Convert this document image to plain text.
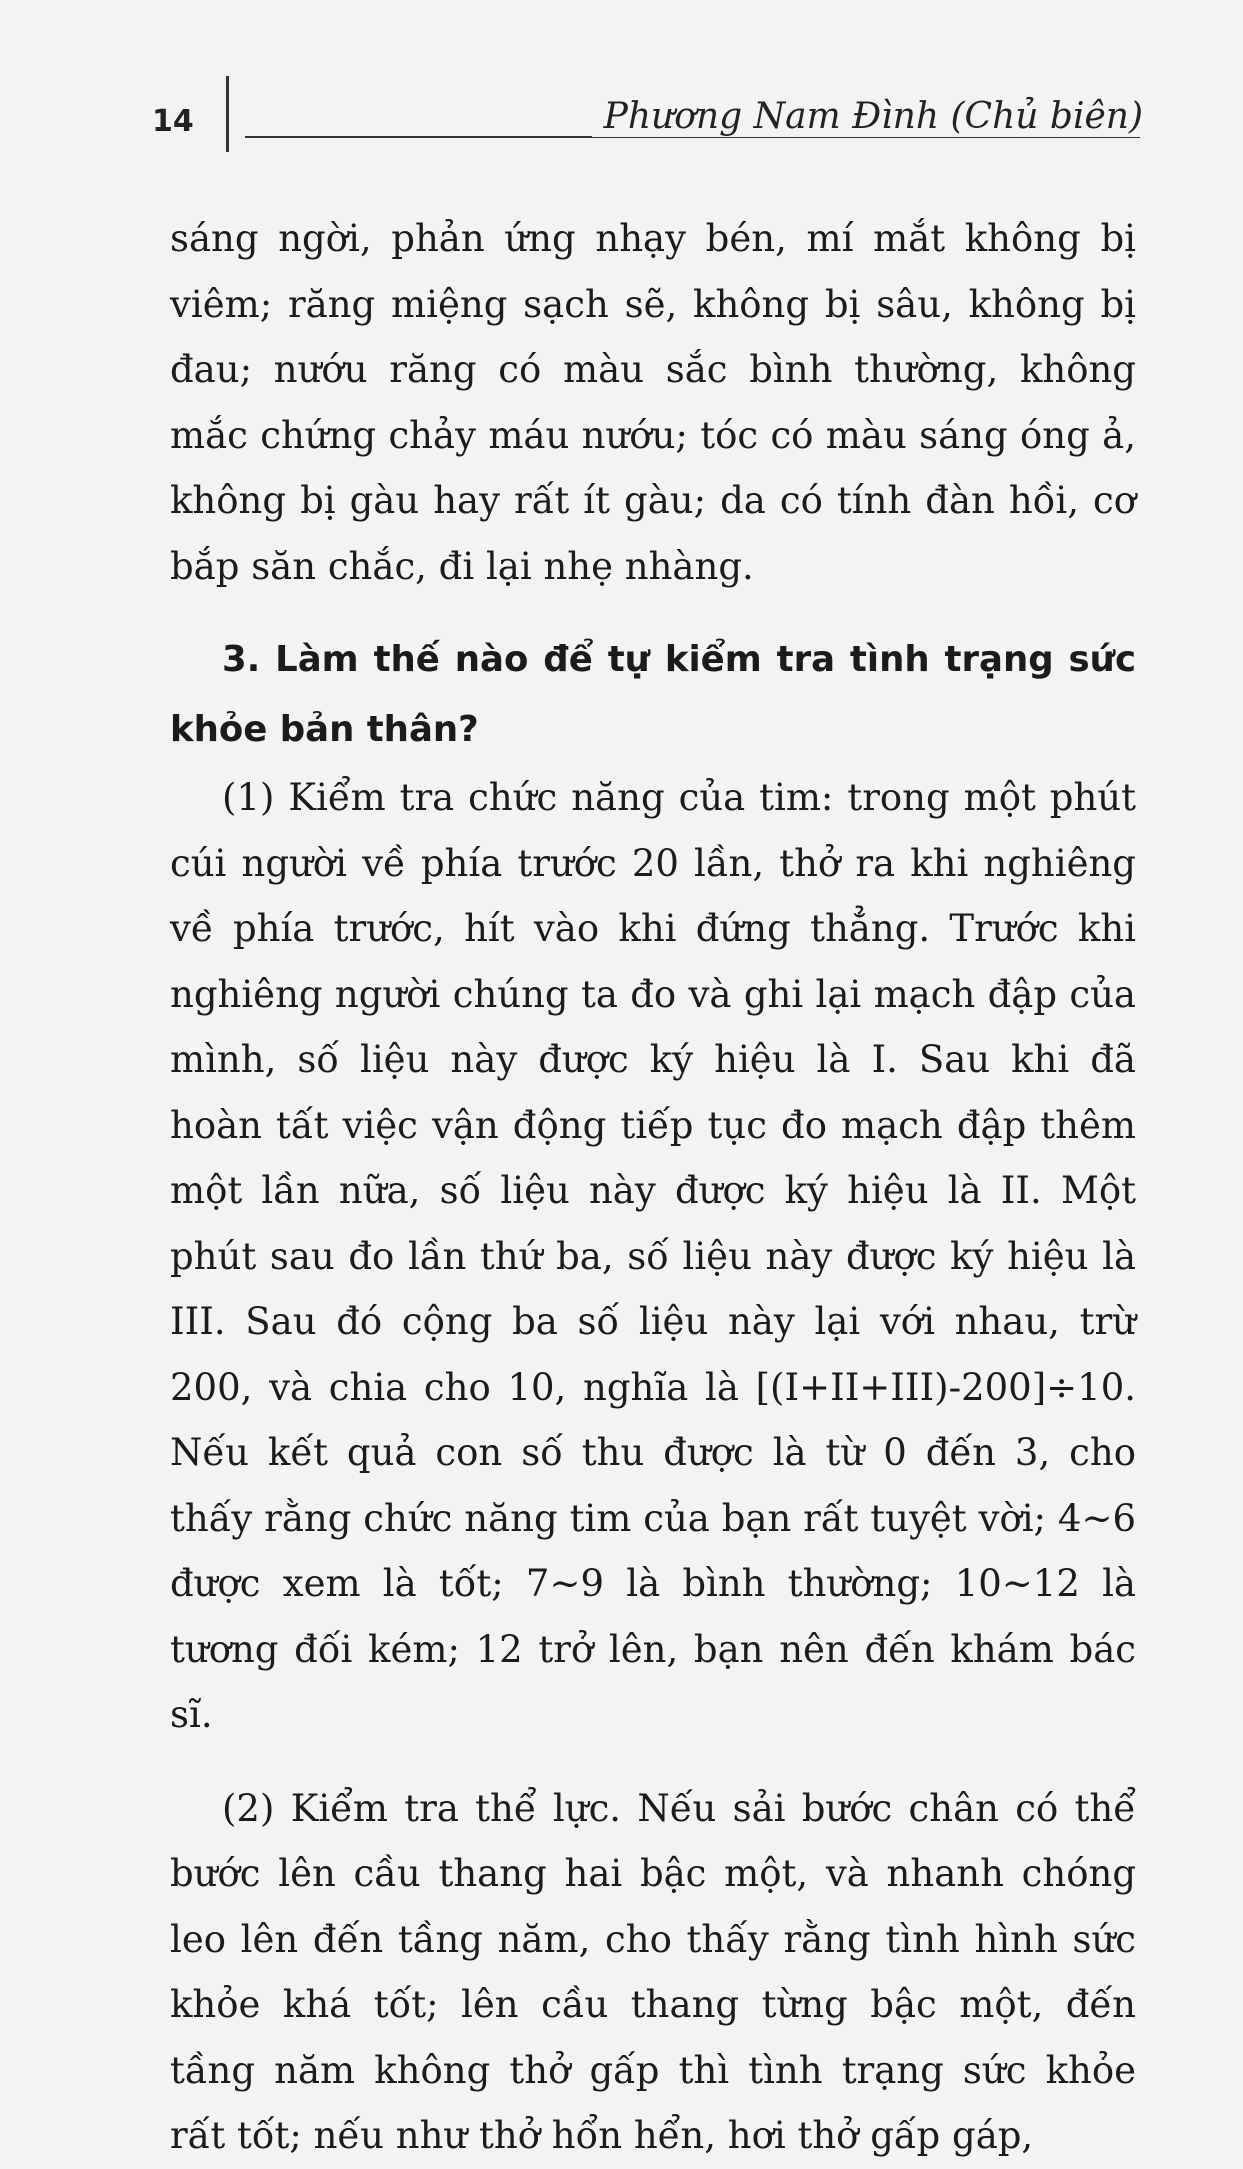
14	Phương Nam Đình (Chủ biên)

sáng ngời, phản ứng nhạy bén, mí mắt không bị viêm; răng miệng sạch sẽ, không bị sâu, không bị đau; nướu răng có màu sắc bình thường, không mắc chứng chảy máu nướu; tóc có màu sáng óng ả, không bị gàu hay rất ít gàu; da có tính đàn hồi, cơ bắp săn chắc, đi lại nhẹ nhàng.

3. Làm thế nào để tự kiểm tra tình trạng sức khỏe bản thân?

(1) Kiểm tra chức năng của tim: trong một phút cúi người về phía trước 20 lần, thở ra khi nghiêng về phía trước, hít vào khi đứng thẳng. Trước khi nghiêng người chúng ta đo và ghi lại mạch đập của mình, số liệu này được ký hiệu là I. Sau khi đã hoàn tất việc vận động tiếp tục đo mạch đập thêm một lần nữa, số liệu này được ký hiệu là II. Một phút sau đo lần thứ ba, số liệu này được ký hiệu là III. Sau đó cộng ba số liệu này lại với nhau, trừ 200, và chia cho 10, nghĩa là [(I+II+III)-200]÷10. Nếu kết quả con số thu được là từ 0 đến 3, cho thấy rằng chức năng tim của bạn rất tuyệt vời; 4~6 được xem là tốt; 7~9 là bình thường; 10~12 là tương đối kém; 12 trở lên, bạn nên đến khám bác sĩ.

(2) Kiểm tra thể lực. Nếu sải bước chân có thể bước lên cầu thang hai bậc một, và nhanh chóng leo lên đến tầng năm, cho thấy rằng tình hình sức khỏe khá tốt; lên cầu thang từng bậc một, đến tầng năm không thở gấp thì tình trạng sức khỏe rất tốt; nếu như thở hổn hển, hơi thở gấp gáp,
